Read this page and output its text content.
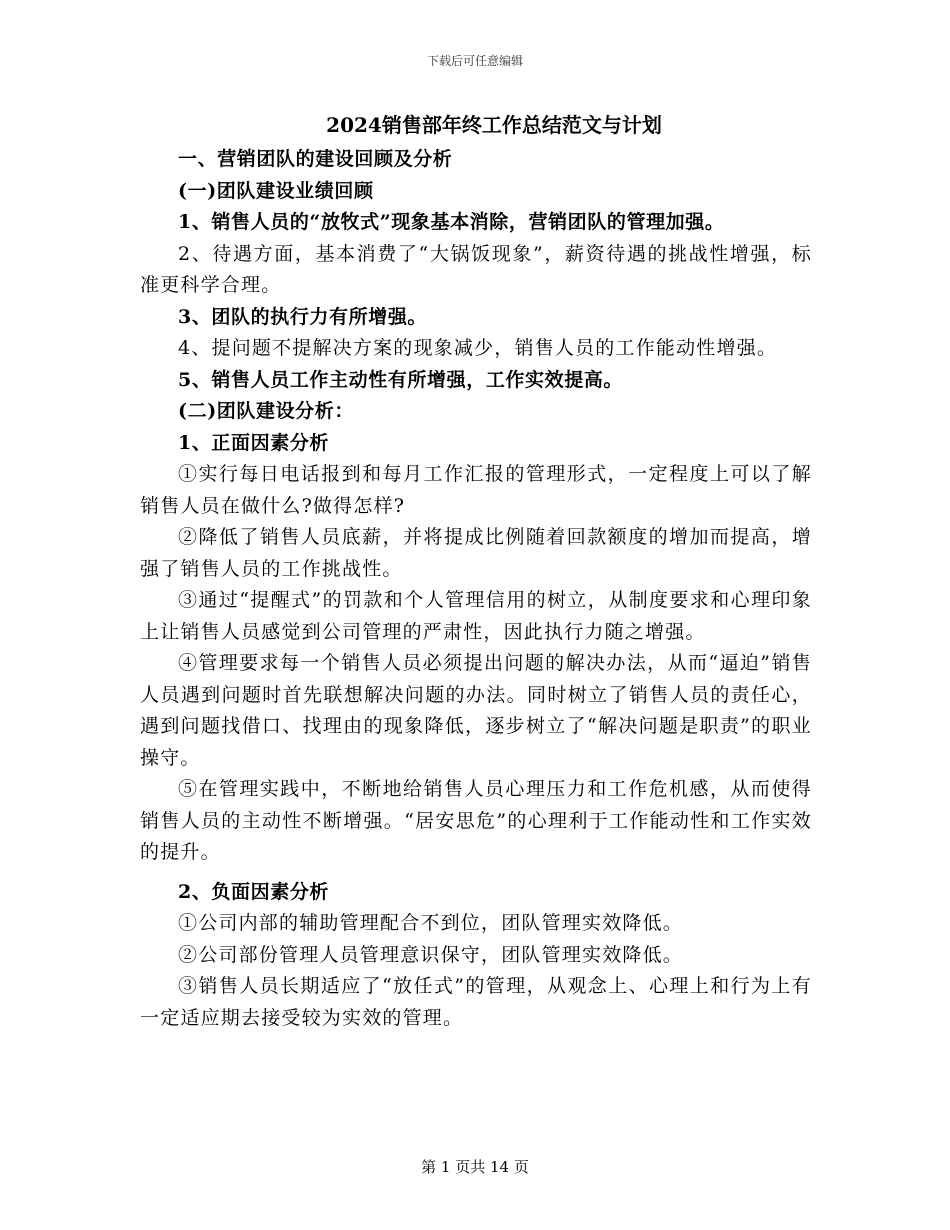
下载后可任意编辑
2024销售部年终工作总结范文与计划

一、营销团队的建设回顾及分析

(一)团队建设业绩回顾

1、销售人员的“放牧式”现象基本消除，营销团队的管理加强。

2、待遇方面，基本消费了“大锅饭现象”，薪资待遇的挑战性增强，标准更科学合理。

3、团队的执行力有所增强。

4、提问题不提解决方案的现象减少，销售人员的工作能动性增强。

5、销售人员工作主动性有所增强，工作实效提高。

(二)团队建设分析：

1、正面因素分析

①实行每日电话报到和每月工作汇报的管理形式，一定程度上可以了解销售人员在做什么?做得怎样?

②降低了销售人员底薪，并将提成比例随着回款额度的增加而提高，增强了销售人员的工作挑战性。

③通过“提醒式”的罚款和个人管理信用的树立，从制度要求和心理印象上让销售人员感觉到公司管理的严肃性，因此执行力随之增强。

④管理要求每一个销售人员必须提出问题的解决办法，从而“逼迫”销售人员遇到问题时首先联想解决问题的办法。同时树立了销售人员的责任心，遇到问题找借口、找理由的现象降低，逐步树立了“解决问题是职责”的职业操守。

⑤在管理实践中，不断地给销售人员心理压力和工作危机感，从而使得销售人员的主动性不断增强。“居安思危”的心理利于工作能动性和工作实效的提升。

2、负面因素分析

①公司内部的辅助管理配合不到位，团队管理实效降低。

②公司部份管理人员管理意识保守，团队管理实效降低。

③销售人员长期适应了“放任式”的管理，从观念上、心理上和行为上有一定适应期去接受较为实效的管理。

第 1 页共 14 页
